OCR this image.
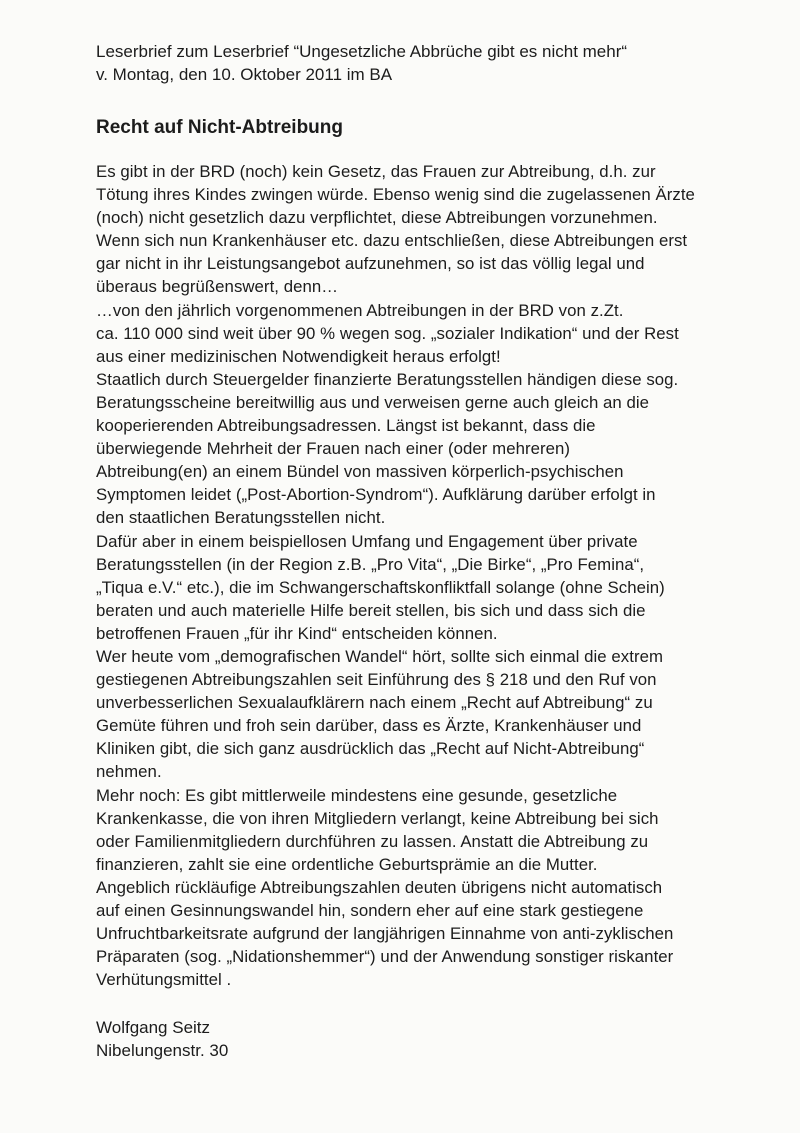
Leserbrief zum Leserbrief “Ungesetzliche Abbrüche gibt es nicht mehr“
v. Montag, den 10. Oktober 2011 im BA
Recht auf Nicht-Abtreibung
Es gibt in der BRD (noch) kein Gesetz, das Frauen zur Abtreibung, d.h. zur
Tötung ihres Kindes zwingen würde. Ebenso wenig sind die zugelassenen Ärzte
(noch) nicht gesetzlich dazu verpflichtet, diese Abtreibungen vorzunehmen.
Wenn sich nun Krankenhäuser etc. dazu entschließen, diese Abtreibungen erst
gar nicht in ihr Leistungsangebot aufzunehmen, so ist das völlig legal und
überaus begrüßenswert, denn…
…von den jährlich vorgenommenen Abtreibungen in der BRD von z.Zt.
ca. 110 000 sind weit über 90 % wegen sog. „sozialer Indikation“ und der Rest
aus einer medizinischen Notwendigkeit heraus erfolgt!
Staatlich durch Steuergelder finanzierte Beratungsstellen händigen diese sog.
Beratungsscheine bereitwillig aus und verweisen gerne auch gleich an die
kooperierenden Abtreibungsadressen. Längst ist bekannt, dass die
überwiegende Mehrheit der Frauen nach einer (oder mehreren)
Abtreibung(en) an einem Bündel von massiven körperlich-psychischen
Symptomen leidet („Post-Abortion-Syndrom“). Aufklärung darüber erfolgt in
den staatlichen Beratungsstellen nicht.
Dafür aber in einem beispiellosen Umfang und Engagement über private
Beratungsstellen (in der Region z.B. „Pro Vita“, „Die Birke“, „Pro Femina“,
„Tiqua e.V.“ etc.), die im Schwangerschaftskonfliktfall solange (ohne Schein)
beraten und auch materielle Hilfe bereit stellen, bis sich und dass sich die
betroffenen Frauen „für ihr Kind“ entscheiden können.
Wer heute vom „demografischen Wandel“ hört, sollte sich einmal die extrem
gestiegenen Abtreibungszahlen seit Einführung des § 218 und den Ruf von
unverbesserlichen Sexualaufklärern nach einem „Recht auf Abtreibung“ zu
Gemüte führen und froh sein darüber, dass es Ärzte, Krankenhäuser und
Kliniken gibt, die sich ganz ausdrücklich das „Recht auf Nicht-Abtreibung“
nehmen.
Mehr noch: Es gibt mittlerweile mindestens eine gesunde, gesetzliche
Krankenkasse, die von ihren Mitgliedern verlangt, keine Abtreibung bei sich
oder Familienmitgliedern durchführen zu lassen. Anstatt die Abtreibung zu
finanzieren, zahlt sie eine ordentliche Geburtsprämie an die Mutter.
Angeblich rückläufige Abtreibungszahlen deuten übrigens nicht automatisch
auf einen Gesinnungswandel hin, sondern eher auf eine stark gestiegene
Unfruchtbarkeitsrate aufgrund der langjährigen Einnahme von anti-zyklischen
Präparaten (sog. „Nidationshemmer“) und der Anwendung sonstiger riskanter
Verhütungsmittel .
Wolfgang Seitz
Nibelungenstr. 30
